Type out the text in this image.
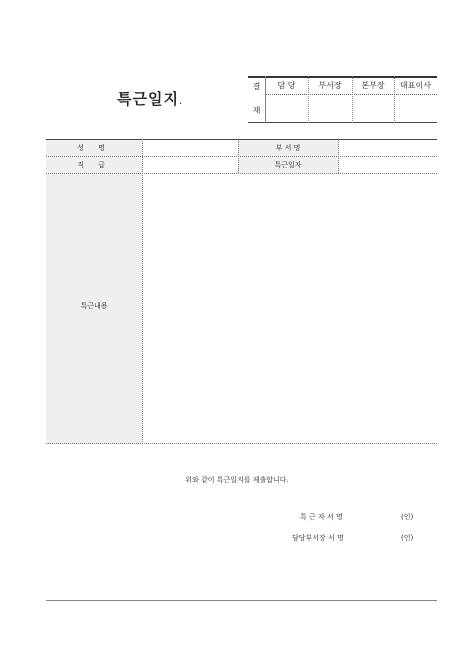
특근일지.
결
재
담 당	부서장	본부장	대표이사
성 명	부 서 명
직 급	특근일자
특근내용
위와 같이 특근일지를 제출합니다.
특 근 자 서 명	(인)
담당부서장 서 명	(인)
